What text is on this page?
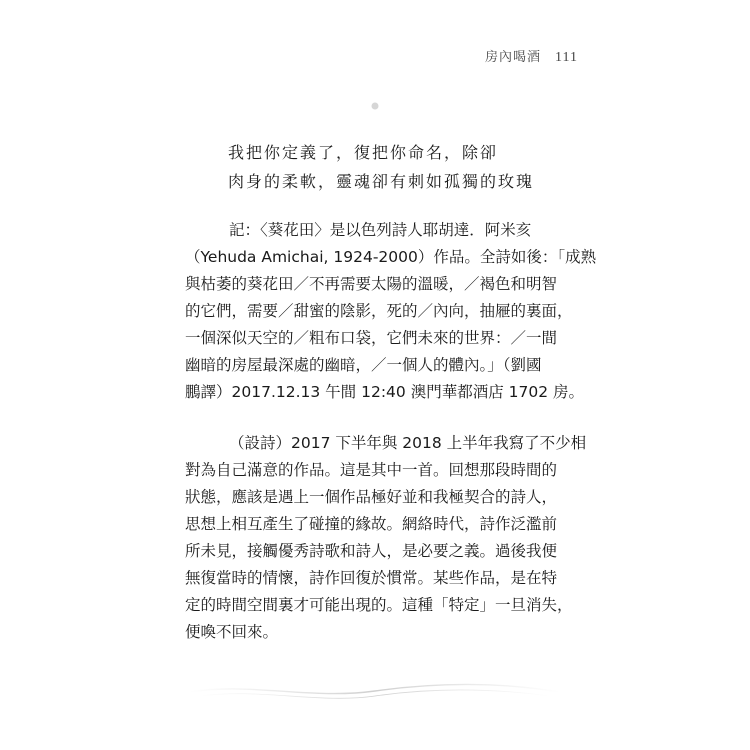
房內喝酒 111
我把你定義了，復把你命名，除卻
肉身的柔軟，靈魂卻有刺如孤獨的玫瑰
記：〈葵花田〉是以色列詩人耶胡達．阿米亥
（Yehuda Amichai, 1924-2000）作品。全詩如後：「成熟
與枯萎的葵花田／不再需要太陽的溫暖，／褐色和明智
的它們，需要／甜蜜的陰影，死的／內向，抽屜的裏面，
一個深似天空的／粗布口袋，它們未來的世界：／一間
幽暗的房屋最深處的幽暗，／一個人的體內。」（劉國
鵬譯）2017.12.13 午間 12:40 澳門華都酒店 1702 房。
（設詩）2017 下半年與 2018 上半年我寫了不少相
對為自己滿意的作品。這是其中一首。回想那段時間的
狀態，應該是遇上一個作品極好並和我極契合的詩人，
思想上相互產生了碰撞的緣故。網絡時代，詩作泛濫前
所未見，接觸優秀詩歌和詩人，是必要之義。過後我便
無復當時的情懷，詩作回復於慣常。某些作品，是在特
定的時間空間裏才可能出現的。這種「特定」一旦消失，
便喚不回來。
